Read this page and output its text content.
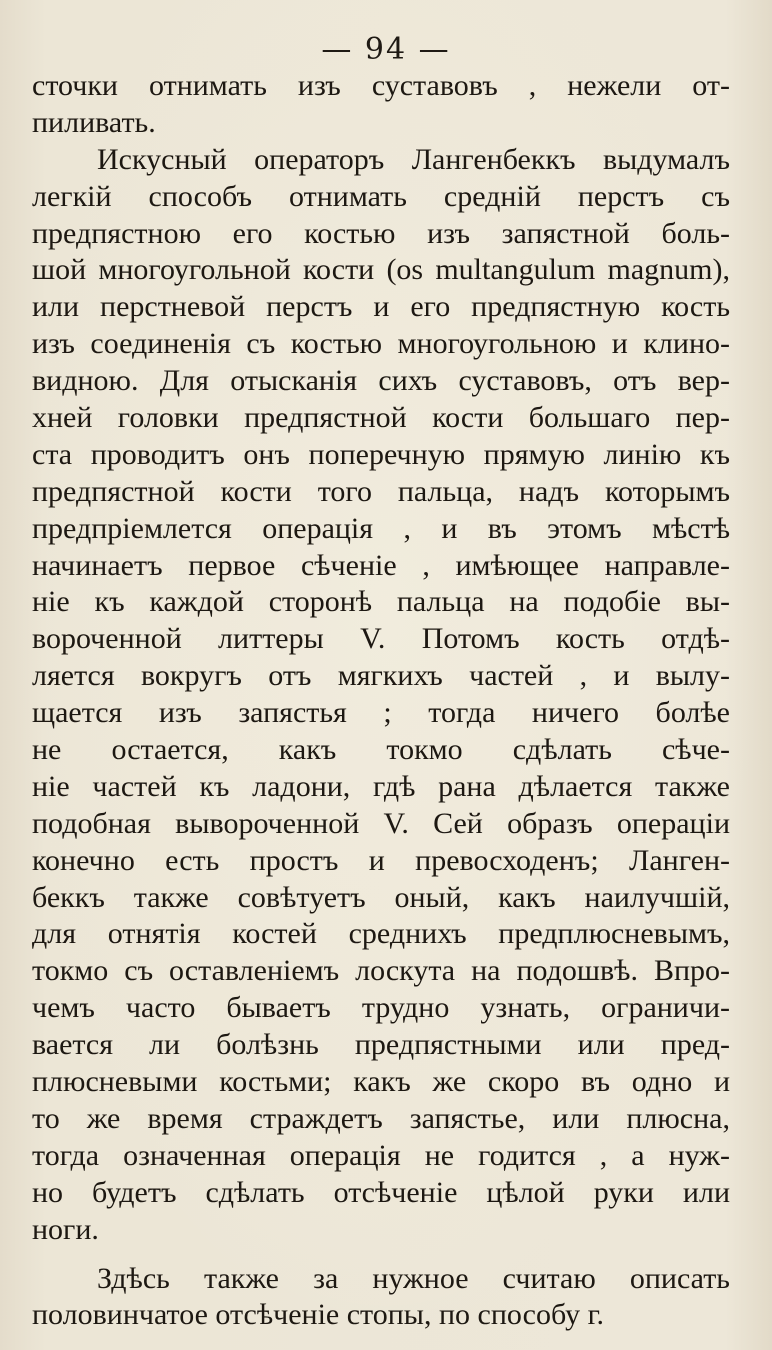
— 94 —
сточки отнимать изъ суставовъ , нежели от-
пиливать.
Искусный операторъ Лангенбеккъ выдумалъ
легкій способъ отнимать средній перстъ съ
предпястною его костью изъ запястной боль-
шой многоугольной кости (os multangulum magnum),
или перстневой перстъ и его предпястную кость
изъ соединенія съ костью многоугольною и клино-
видною. Для отысканія сихъ суставовъ, отъ вер-
хней головки предпястной кости большаго пер-
ста проводитъ онъ поперечную прямую линію къ
предпястной кости того пальца, надъ которымъ
предпріемлется операція , и въ этомъ мѣстѣ
начинаетъ первое сѣченіе , имѣющее направле-
ніе къ каждой сторонѣ пальца на подобіе вы-
вороченной литтеры V. Потомъ кость отдѣ-
ляется вокругъ отъ мягкихъ частей , и вылу-
щается изъ запястья ; тогда ничего болѣе
не остается, какъ токмо сдѣлать сѣче-
ніе частей къ ладони, гдѣ рана дѣлается также
подобная вывороченной V. Сей образъ операціи
конечно есть простъ и превосходенъ; Ланген-
беккъ также совѣтуетъ оный, какъ наилучшій,
для отнятія костей среднихъ предплюсневымъ,
токмо съ оставленіемъ лоскута на подошвѣ. Впро-
чемъ часто бываетъ трудно узнать, ограничи-
вается ли болѣзнь предпястными или пред-
плюсневыми костьми; какъ же скоро въ одно и
то же время страждетъ запястье, или плюсна,
тогда означенная операція не годится , а нуж-
но будетъ сдѣлать отсѣченіе цѣлой руки или
ноги.
Здѣсь также за нужное считаю описать
половинчатое отсѣченіе стопы, по способу г.
